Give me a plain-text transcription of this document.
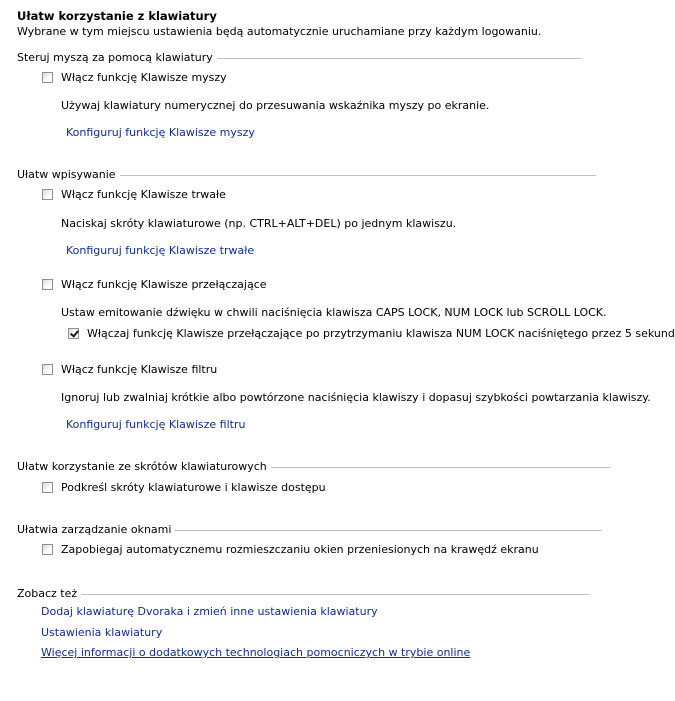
Ułatw korzystanie z klawiatury
Wybrane w tym miejscu ustawienia będą automatycznie uruchamiane przy każdym logowaniu.
Steruj myszą za pomocą klawiatury
Włącz funkcję Klawisze myszy
Używaj klawiatury numerycznej do przesuwania wskaźnika myszy po ekranie.
Konfiguruj funkcję Klawisze myszy
Ułatw wpisywanie
Włącz funkcję Klawisze trwałe
Naciskaj skróty klawiaturowe (np. CTRL+ALT+DEL) po jednym klawiszu.
Konfiguruj funkcję Klawisze trwałe
Włącz funkcję Klawisze przełączające
Ustaw emitowanie dźwięku w chwili naciśnięcia klawisza CAPS LOCK, NUM LOCK lub SCROLL LOCK.
Włączaj funkcję Klawisze przełączające po przytrzymaniu klawisza NUM LOCK naciśniętego przez 5 sekund
Włącz funkcję Klawisze filtru
Ignoruj lub zwalniaj krótkie albo powtórzone naciśnięcia klawiszy i dopasuj szybkości powtarzania klawiszy.
Konfiguruj funkcję Klawisze filtru
Ułatw korzystanie ze skrótów klawiaturowych
Podkreśl skróty klawiaturowe i klawisze dostępu
Ułatwia zarządzanie oknami
Zapobiegaj automatycznemu rozmieszczaniu okien przeniesionych na krawędź ekranu
Zobacz też
Dodaj klawiaturę Dvoraka i zmień inne ustawienia klawiatury
Ustawienia klawiatury
Więcej informacji o dodatkowych technologiach pomocniczych w trybie online
